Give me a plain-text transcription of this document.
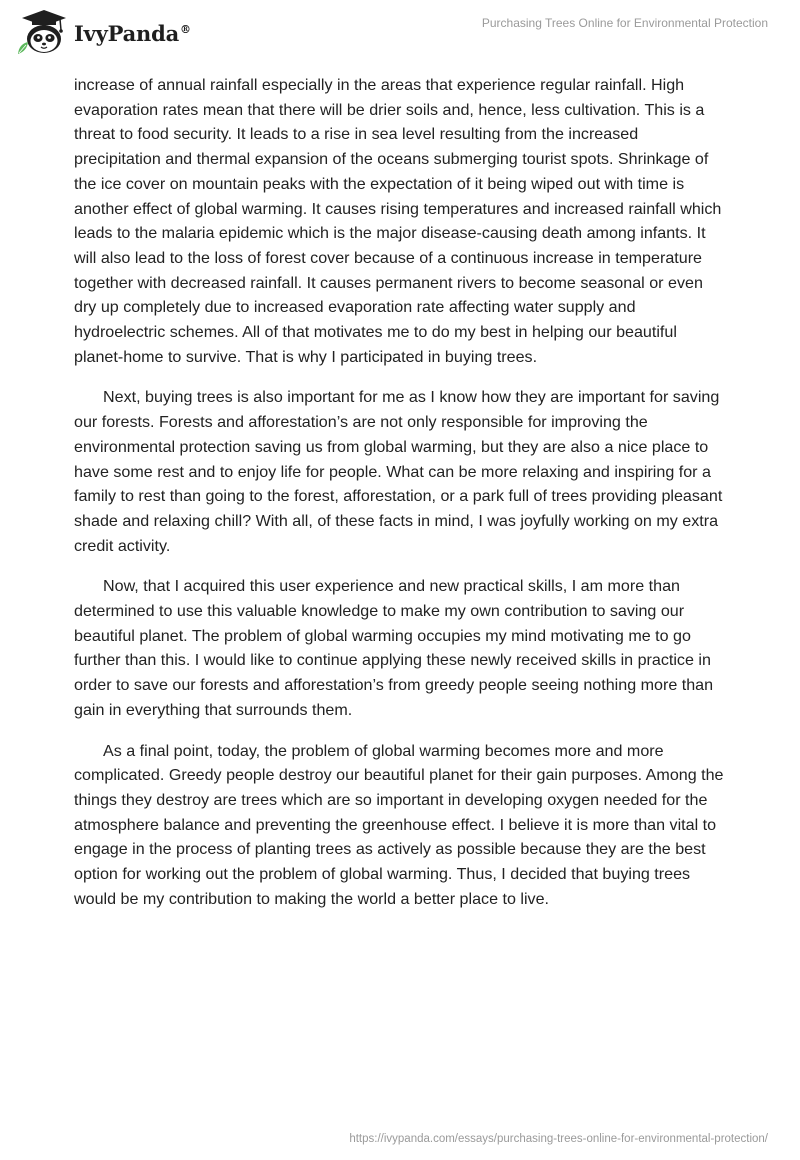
IvyPanda®	Purchasing Trees Online for Environmental Protection

increase of annual rainfall especially in the areas that experience regular rainfall. High evaporation rates mean that there will be drier soils and, hence, less cultivation. This is a threat to food security. It leads to a rise in sea level resulting from the increased precipitation and thermal expansion of the oceans submerging tourist spots. Shrinkage of the ice cover on mountain peaks with the expectation of it being wiped out with time is another effect of global warming. It causes rising temperatures and increased rainfall which leads to the malaria epidemic which is the major disease-causing death among infants. It will also lead to the loss of forest cover because of a continuous increase in temperature together with decreased rainfall. It causes permanent rivers to become seasonal or even dry up completely due to increased evaporation rate affecting water supply and hydroelectric schemes. All of that motivates me to do my best in helping our beautiful planet-home to survive. That is why I participated in buying trees.

Next, buying trees is also important for me as I know how they are important for saving our forests. Forests and afforestation’s are not only responsible for improving the environmental protection saving us from global warming, but they are also a nice place to have some rest and to enjoy life for people. What can be more relaxing and inspiring for a family to rest than going to the forest, afforestation, or a park full of trees providing pleasant shade and relaxing chill? With all, of these facts in mind, I was joyfully working on my extra credit activity.

Now, that I acquired this user experience and new practical skills, I am more than determined to use this valuable knowledge to make my own contribution to saving our beautiful planet. The problem of global warming occupies my mind motivating me to go further than this. I would like to continue applying these newly received skills in practice in order to save our forests and afforestation’s from greedy people seeing nothing more than gain in everything that surrounds them.

As a final point, today, the problem of global warming becomes more and more complicated. Greedy people destroy our beautiful planet for their gain purposes. Among the things they destroy are trees which are so important in developing oxygen needed for the atmosphere balance and preventing the greenhouse effect. I believe it is more than vital to engage in the process of planting trees as actively as possible because they are the best option for working out the problem of global warming. Thus, I decided that buying trees would be my contribution to making the world a better place to live.

https://ivypanda.com/essays/purchasing-trees-online-for-environmental-protection/
